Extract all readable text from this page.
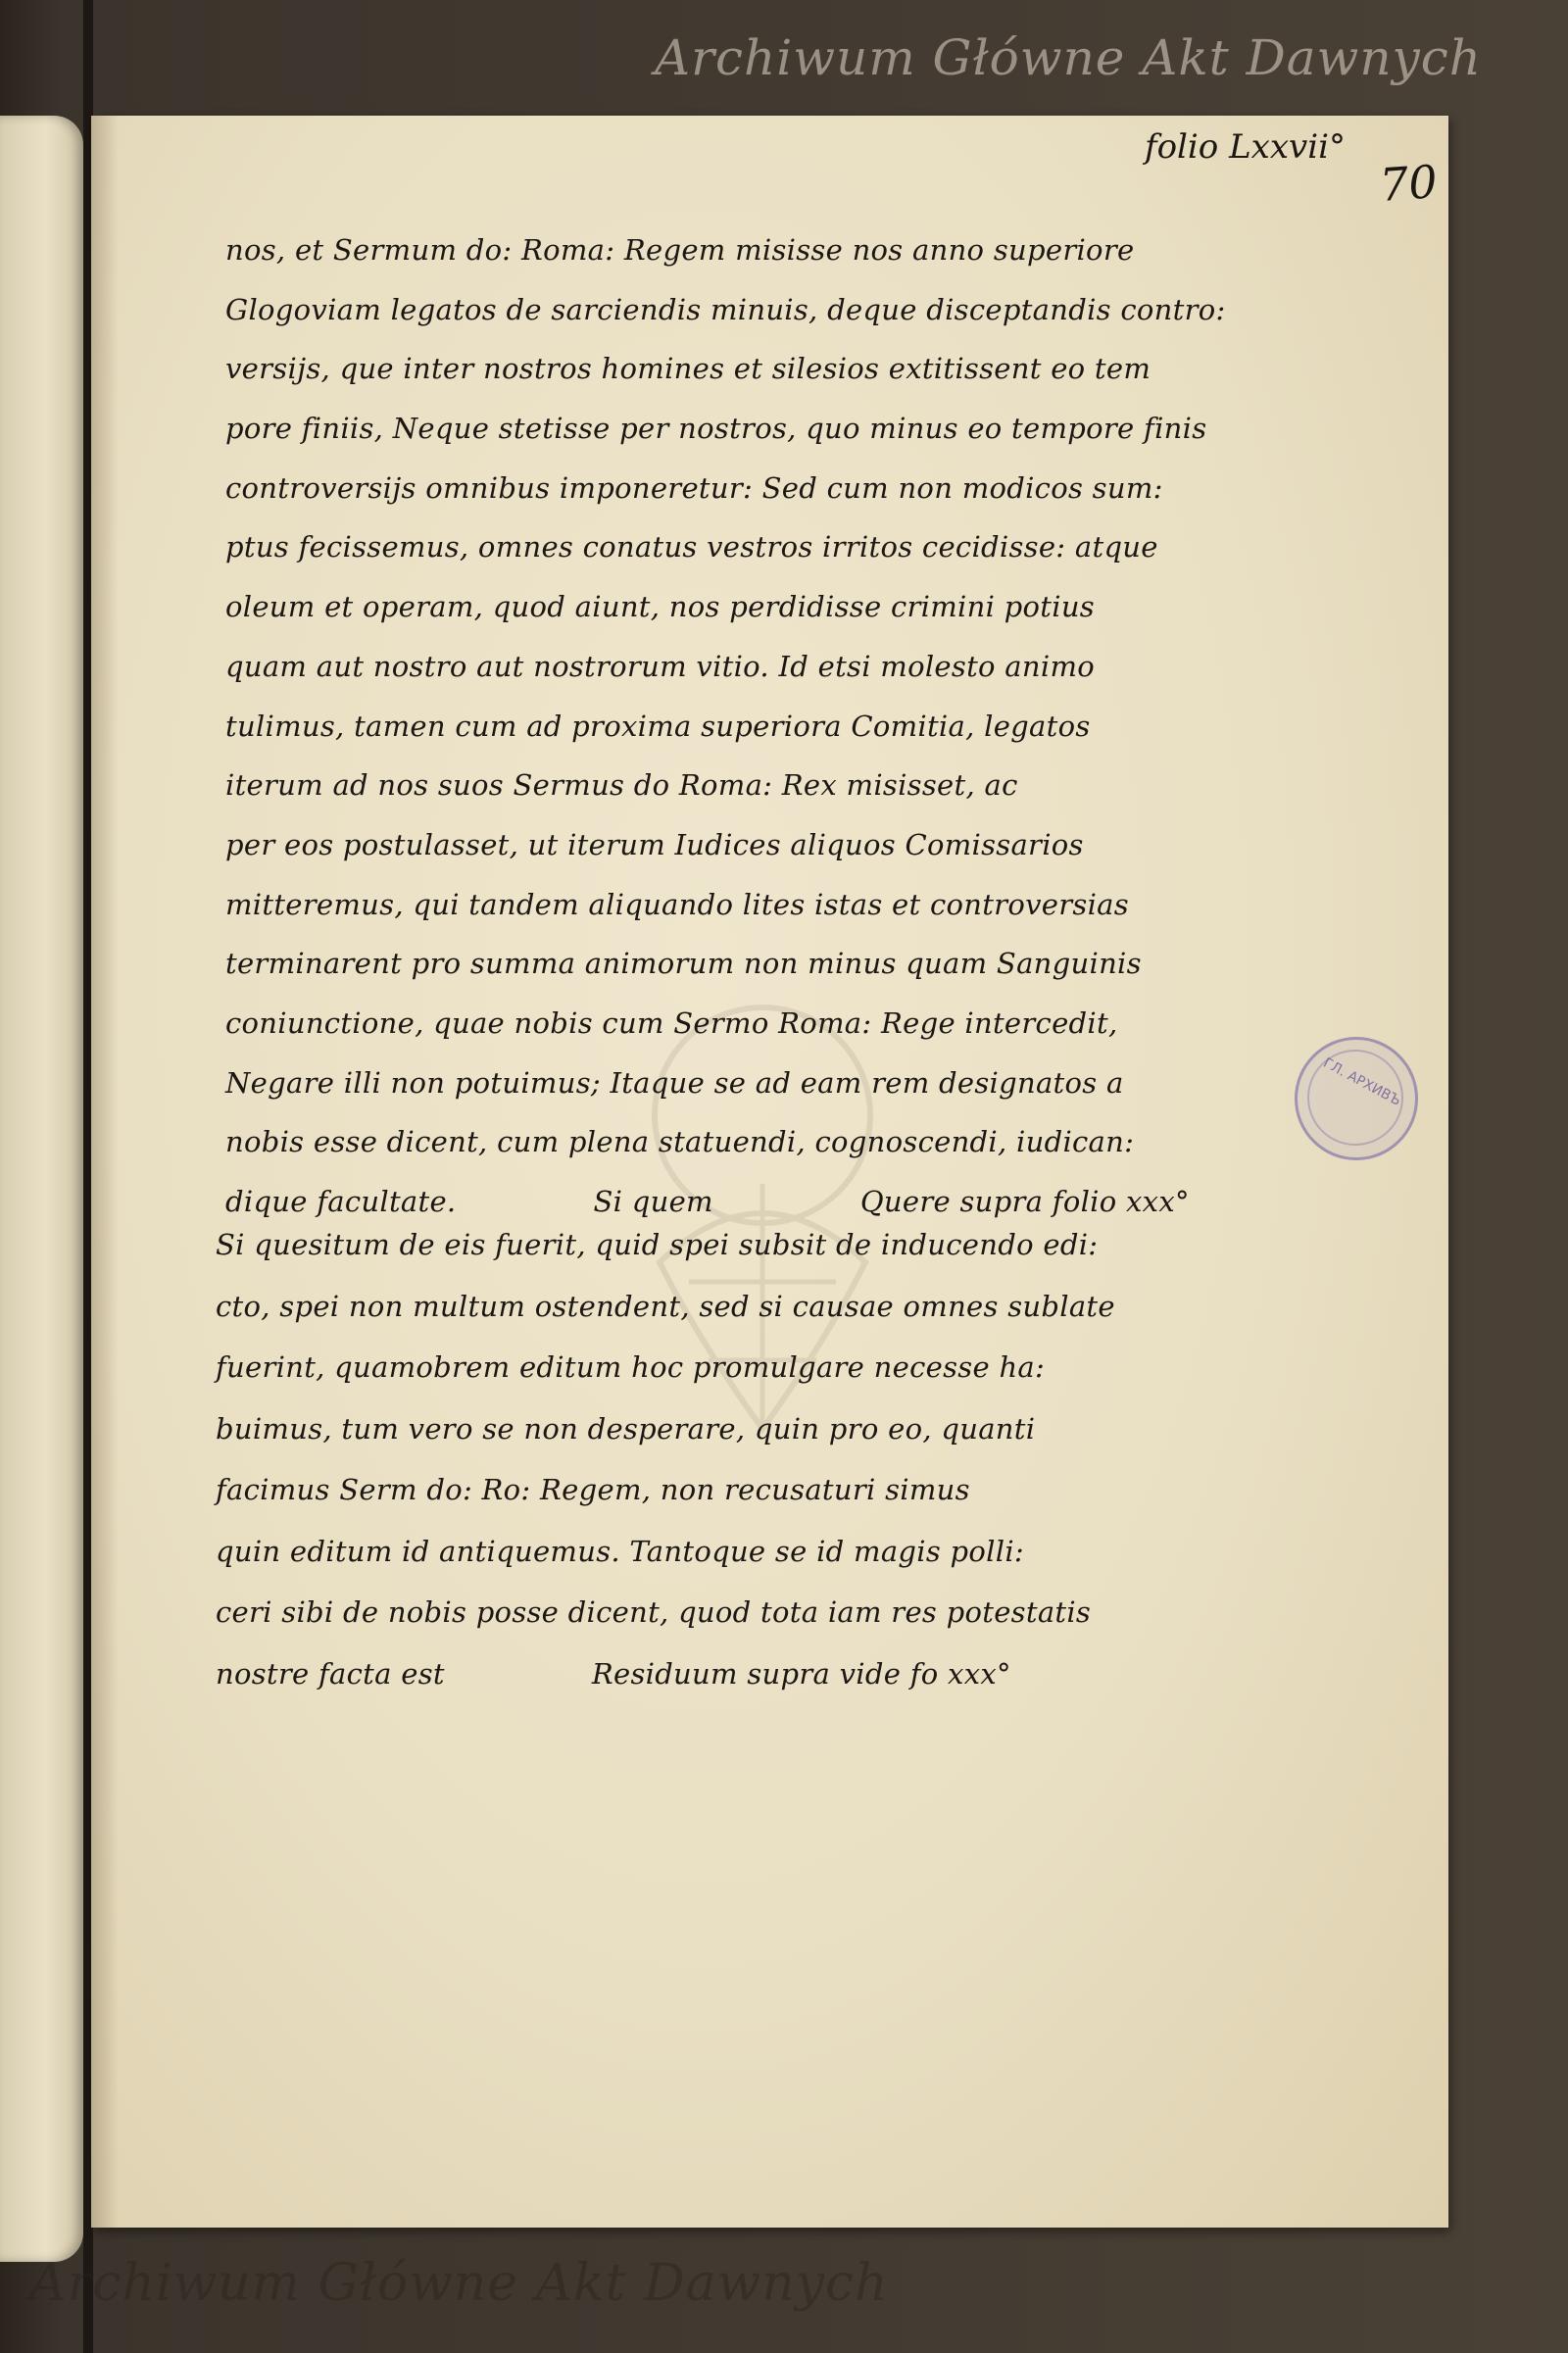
Archiwum Główne Akt Dawnych
ГЛ. АРХИВЪ
folio Lxxvii°
70
nos, et Sermum do: Roma: Regem misisse nos anno superiore
Glogoviam legatos de sarciendis minuis, deque disceptandis contro:
versijs, que inter nostros homines et silesios extitissent eo tem
pore finiis, Neque stetisse per nostros, quo minus eo tempore finis
controversijs omnibus imponeretur: Sed cum non modicos sum:
ptus fecissemus, omnes conatus vestros irritos cecidisse: atque
oleum et operam, quod aiunt, nos perdidisse crimini potius
quam aut nostro aut nostrorum vitio. Id etsi molesto animo
tulimus, tamen cum ad proxima superiora Comitia, legatos
iterum ad nos suos Sermus do Roma: Rex misisset, ac
per eos postulasset, ut iterum Iudices aliquos Comissarios
mitteremus, qui tandem aliquando lites istas et controversias
terminarent pro summa animorum non minus quam Sanguinis
coniunctione, quae nobis cum Sermo Roma: Rege intercedit,
Negare illi non potuimus; Itaque se ad eam rem designatos a
nobis esse dicent, cum plena statuendi, cognoscendi, iudican:
dique facultate.	Si quem	Quere supra folio xxx°
Si quesitum de eis fuerit, quid spei subsit de inducendo edi:
cto, spei non multum ostendent, sed si causae omnes sublate
fuerint, quamobrem editum hoc promulgare necesse ha:
buimus, tum vero se non desperare, quin pro eo, quanti
facimus Serm do: Ro: Regem, non recusaturi simus
quin editum id antiquemus. Tantoque se id magis polli:
ceri sibi de nobis posse dicent, quod tota iam res potestatis
nostre facta est	Residuum supra vide fo xxx°
Archiwum Główne Akt Dawnych
